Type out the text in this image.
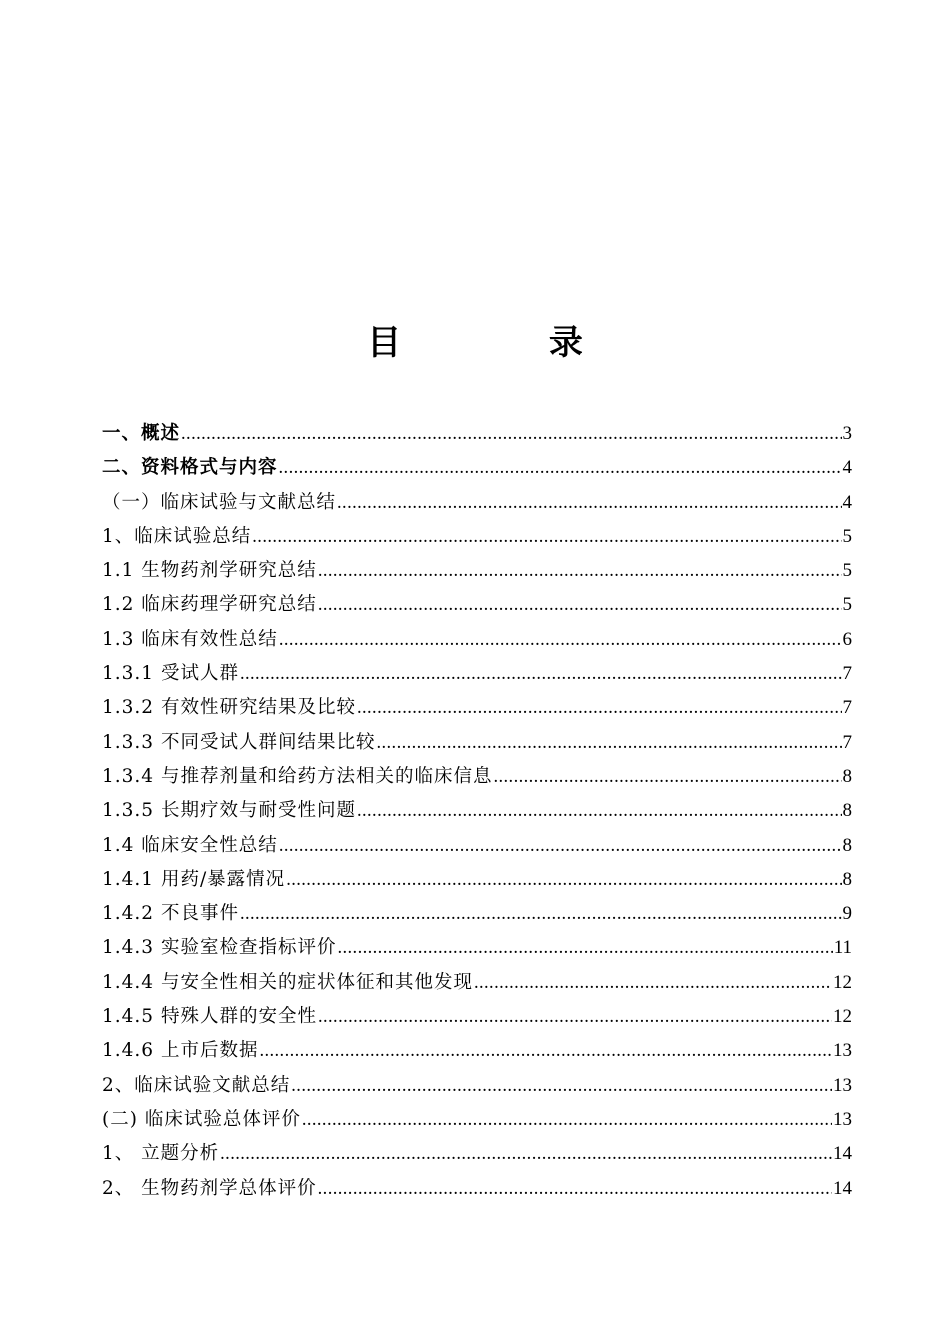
目 录
一、概述 .....	3
二、资料格式与内容 .....	4
（一）临床试验与文献总结 .....	4
1、临床试验总结 .....	5
1.1 生物药剂学研究总结 .....	5
1.2 临床药理学研究总结 .....	5
1.3 临床有效性总结 .....	6
1.3.1 受试人群 .....	7
1.3.2 有效性研究结果及比较 .....	7
1.3.3 不同受试人群间结果比较 .....	7
1.3.4 与推荐剂量和给药方法相关的临床信息 .....	8
1.3.5 长期疗效与耐受性问题 .....	8
1.4 临床安全性总结 .....	8
1.4.1 用药/暴露情况 .....	8
1.4.2 不良事件 .....	9
1.4.3 实验室检查指标评价 .....	11
1.4.4 与安全性相关的症状体征和其他发现 .....	12
1.4.5 特殊人群的安全性 .....	12
1.4.6 上市后数据 .....	13
2、临床试验文献总结 .....	13
(二) 临床试验总体评价 .....	13
1、 立题分析 .....	14
2、 生物药剂学总体评价 .....	14
